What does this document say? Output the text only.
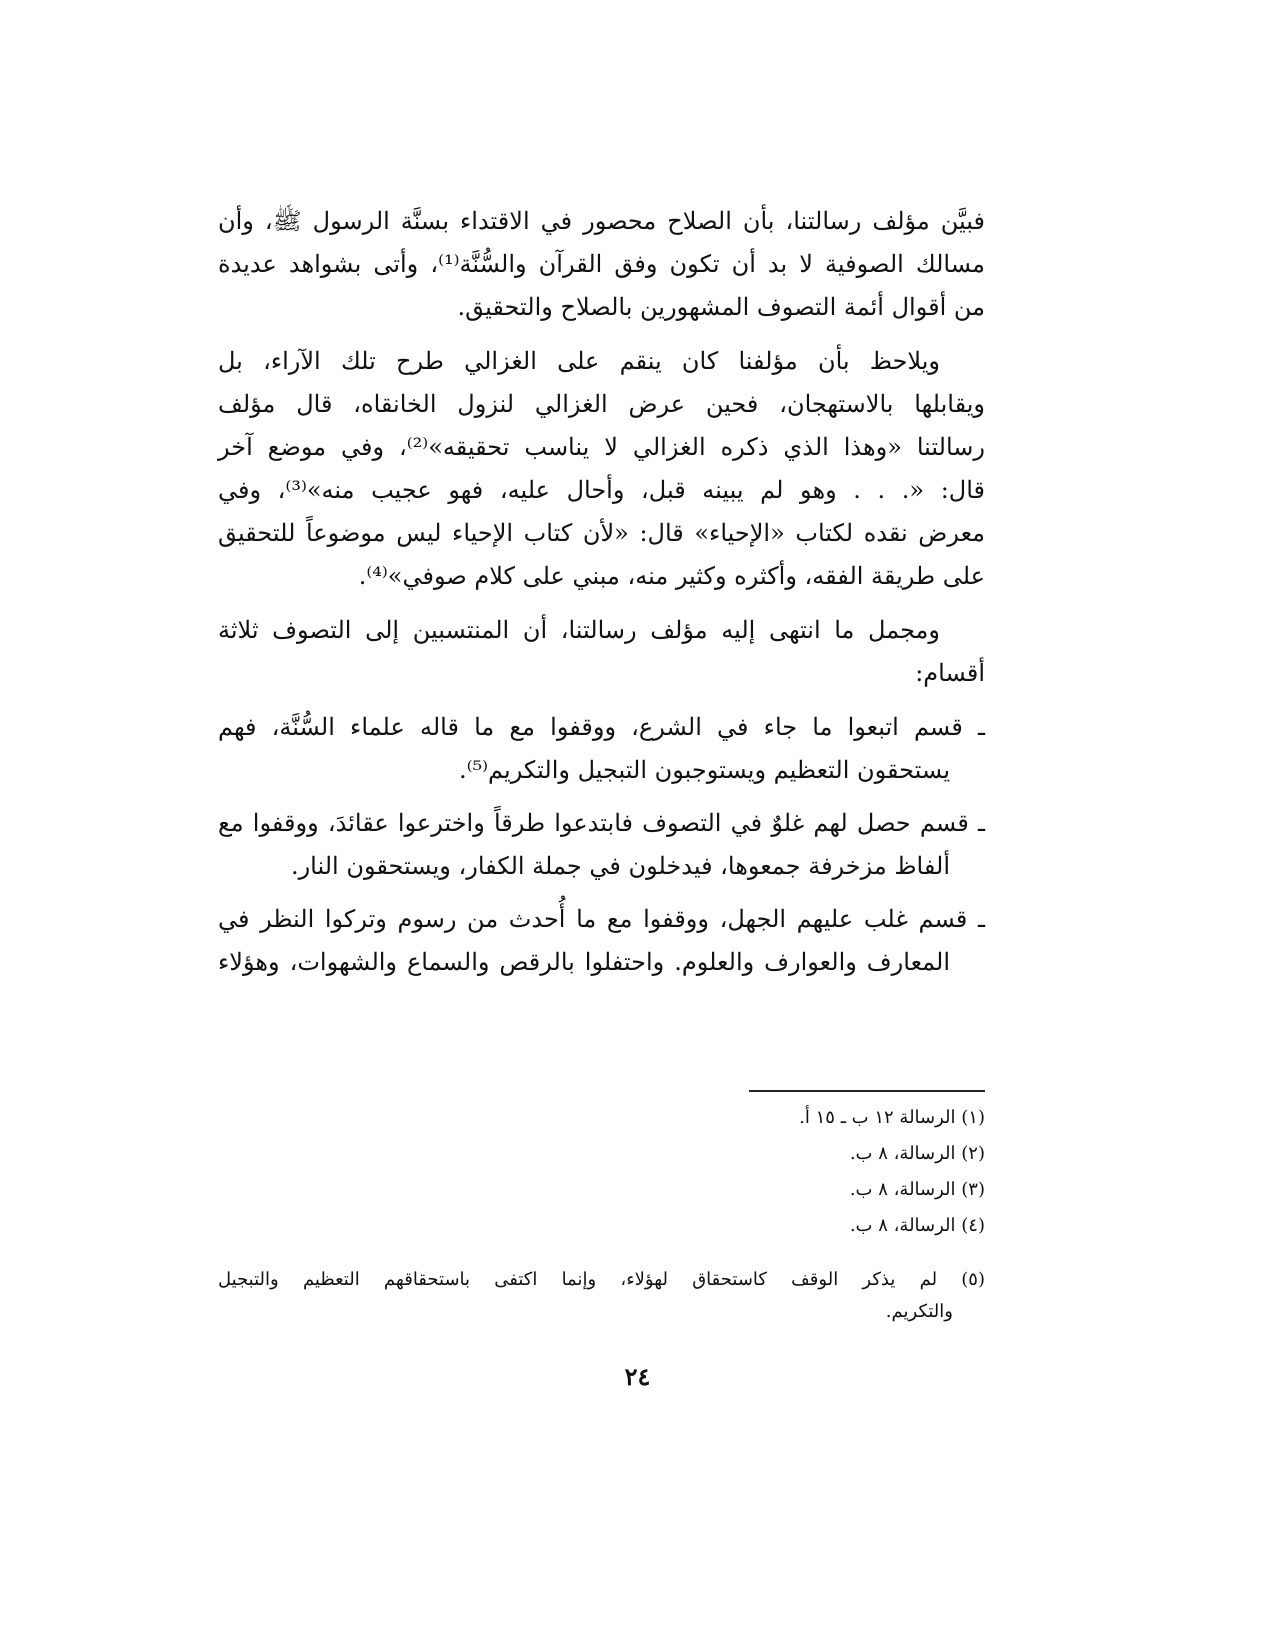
فبيَّن مؤلف رسالتنا، بأن الصلاح محصور في الاقتداء بسنَّة الرسول ﷺ، وأن
مسالك الصوفية لا بد أن تكون وفق القرآن والسُّنَّة⁽¹⁾، وأتى بشواهد عديدة
من أقوال أئمة التصوف المشهورين بالصلاح والتحقيق.

ويلاحظ بأن مؤلفنا كان ينقم على الغزالي طرح تلك الآراء، بل
ويقابلها بالاستهجان، فحين عرض الغزالي لنزول الخانقاه، قال مؤلف
رسالتنا «وهذا الذي ذكره الغزالي لا يناسب تحقيقه»⁽²⁾، وفي موضع آخر
قال: «. . . وهو لم يبينه قبل، وأحال عليه، فهو عجيب منه»⁽³⁾، وفي
معرض نقده لكتاب «الإحياء» قال: «لأن كتاب الإحياء ليس موضوعاً للتحقيق
على طريقة الفقه، وأكثره وكثير منه، مبني على كلام صوفي»⁽⁴⁾.

ومجمل ما انتهى إليه مؤلف رسالتنا، أن المنتسبين إلى التصوف ثلاثة
أقسام:

ـ قسم اتبعوا ما جاء في الشرع، ووقفوا مع ما قاله علماء السُّنَّة، فهم
يستحقون التعظيم ويستوجبون التبجيل والتكريم⁽⁵⁾.
ـ قسم حصل لهم غلوٌ في التصوف فابتدعوا طرقاً واخترعوا عقائدَ، ووقفوا مع
ألفاظ مزخرفة جمعوها، فيدخلون في جملة الكفار، ويستحقون النار.
ـ قسم غلب عليهم الجهل، ووقفوا مع ما أُحدث من رسوم وتركوا النظر في
المعارف والعوارف والعلوم. واحتفلوا بالرقص والسماع والشهوات، وهؤلاء
(١) الرسالة ١٢ ب ـ ١٥ أ.
(٢) الرسالة، ٨ ب.
(٣) الرسالة، ٨ ب.
(٤) الرسالة، ٨ ب.
(٥) لم يذكر الوقف كاستحقاق لهؤلاء، وإنما اكتفى باستحقاقهم التعظيم والتبجيل
والتكريم.
٢٤
